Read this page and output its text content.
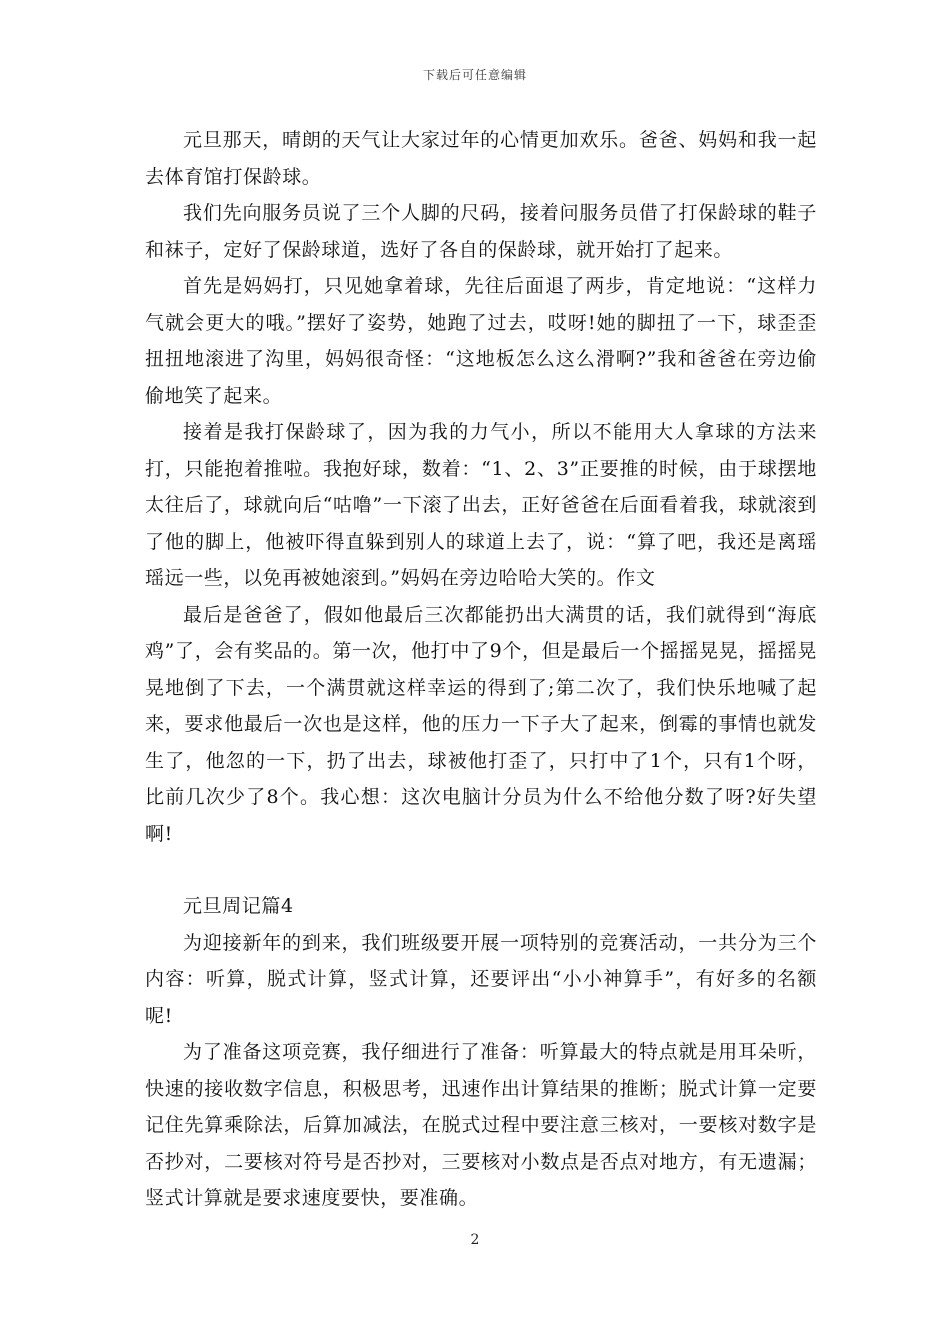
下载后可任意编辑

元旦那天，晴朗的天气让大家过年的心情更加欢乐。爸爸、妈妈和我一起去体育馆打保龄球。

我们先向服务员说了三个人脚的尺码，接着问服务员借了打保龄球的鞋子和袜子，定好了保龄球道，选好了各自的保龄球，就开始打了起来。

首先是妈妈打，只见她拿着球，先往后面退了两步，肯定地说：“这样力气就会更大的哦。”摆好了姿势，她跑了过去，哎呀!她的脚扭了一下，球歪歪扭扭地滚进了沟里，妈妈很奇怪：“这地板怎么这么滑啊?”我和爸爸在旁边偷偷地笑了起来。

接着是我打保龄球了，因为我的力气小，所以不能用大人拿球的方法来打，只能抱着推啦。我抱好球，数着：“1、2、3”正要推的时候，由于球摆地太往后了，球就向后“咕噜”一下滚了出去，正好爸爸在后面看着我，球就滚到了他的脚上，他被吓得直躲到别人的球道上去了，说：“算了吧，我还是离瑶瑶远一些，以免再被她滚到。”妈妈在旁边哈哈大笑的。作文

最后是爸爸了，假如他最后三次都能扔出大满贯的话，我们就得到“海底鸡”了，会有奖品的。第一次，他打中了9个，但是最后一个摇摇晃晃，摇摇晃晃地倒了下去，一个满贯就这样幸运的得到了;第二次了，我们快乐地喊了起来，要求他最后一次也是这样，他的压力一下子大了起来，倒霉的事情也就发生了，他忽的一下，扔了出去，球被他打歪了，只打中了1个，只有1个呀，比前几次少了8个。我心想：这次电脑计分员为什么不给他分数了呀?好失望啊!

元旦周记篇4

为迎接新年的到来，我们班级要开展一项特别的竞赛活动，一共分为三个内容：听算，脱式计算，竖式计算，还要评出“小小神算手”，有好多的名额呢!

为了准备这项竞赛，我仔细进行了准备：听算最大的特点就是用耳朵听，快速的接收数字信息，积极思考，迅速作出计算结果的推断；脱式计算一定要记住先算乘除法，后算加减法，在脱式过程中要注意三核对，一要核对数字是否抄对，二要核对符号是否抄对，三要核对小数点是否点对地方，有无遗漏；竖式计算就是要求速度要快，要准确。

2
